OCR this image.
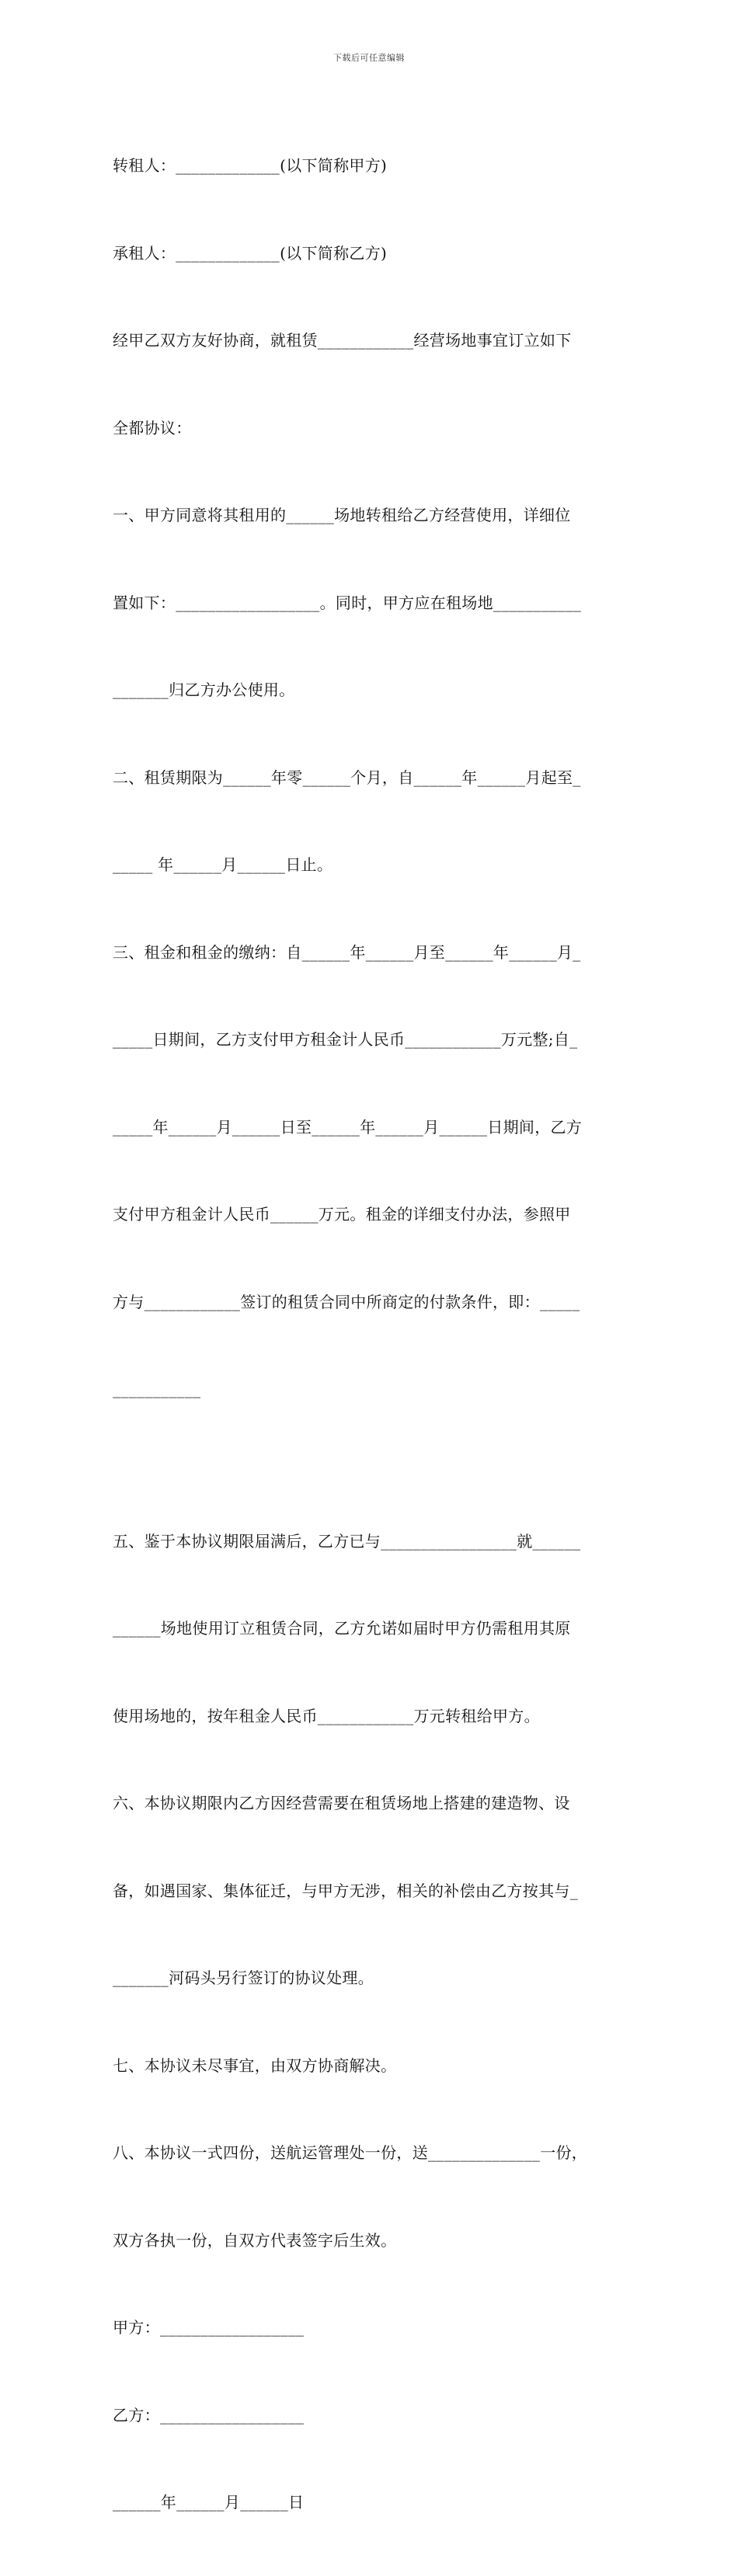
下载后可任意编辑

转租人：_____________(以下简称甲方)

承租人：_____________(以下简称乙方)

经甲乙双方友好协商，就租赁____________经营场地事宜订立如下

全都协议：

一、甲方同意将其租用的______场地转租给乙方经营使用，详细位

置如下：__________________。同时，甲方应在租场地___________

_______归乙方办公使用。

二、租赁期限为______年零______个月，自______年______月起至_

_____ 年______月______日止。

三、租金和租金的缴纳：自______年______月至______年______月_

_____日期间，乙方支付甲方租金计人民币____________万元整;自_

_____年______月______日至______年______月______日期间，乙方

支付甲方租金计人民币______万元。租金的详细支付办法，参照甲

方与____________签订的租赁合同中所商定的付款条件，即：_____

___________

五、鉴于本协议期限届满后，乙方已与_________________就______

______场地使用订立租赁合同，乙方允诺如届时甲方仍需租用其原

使用场地的，按年租金人民币____________万元转租给甲方。

六、本协议期限内乙方因经营需要在租赁场地上搭建的建造物、设

备，如遇国家、集体征迁，与甲方无涉，相关的补偿由乙方按其与_

_______河码头另行签订的协议处理。

七、本协议未尽事宜，由双方协商解决。

八、本协议一式四份，送航运管理处一份，送______________一份，

双方各执一份，自双方代表签字后生效。

甲方：__________________

乙方：__________________

______年______月______日
